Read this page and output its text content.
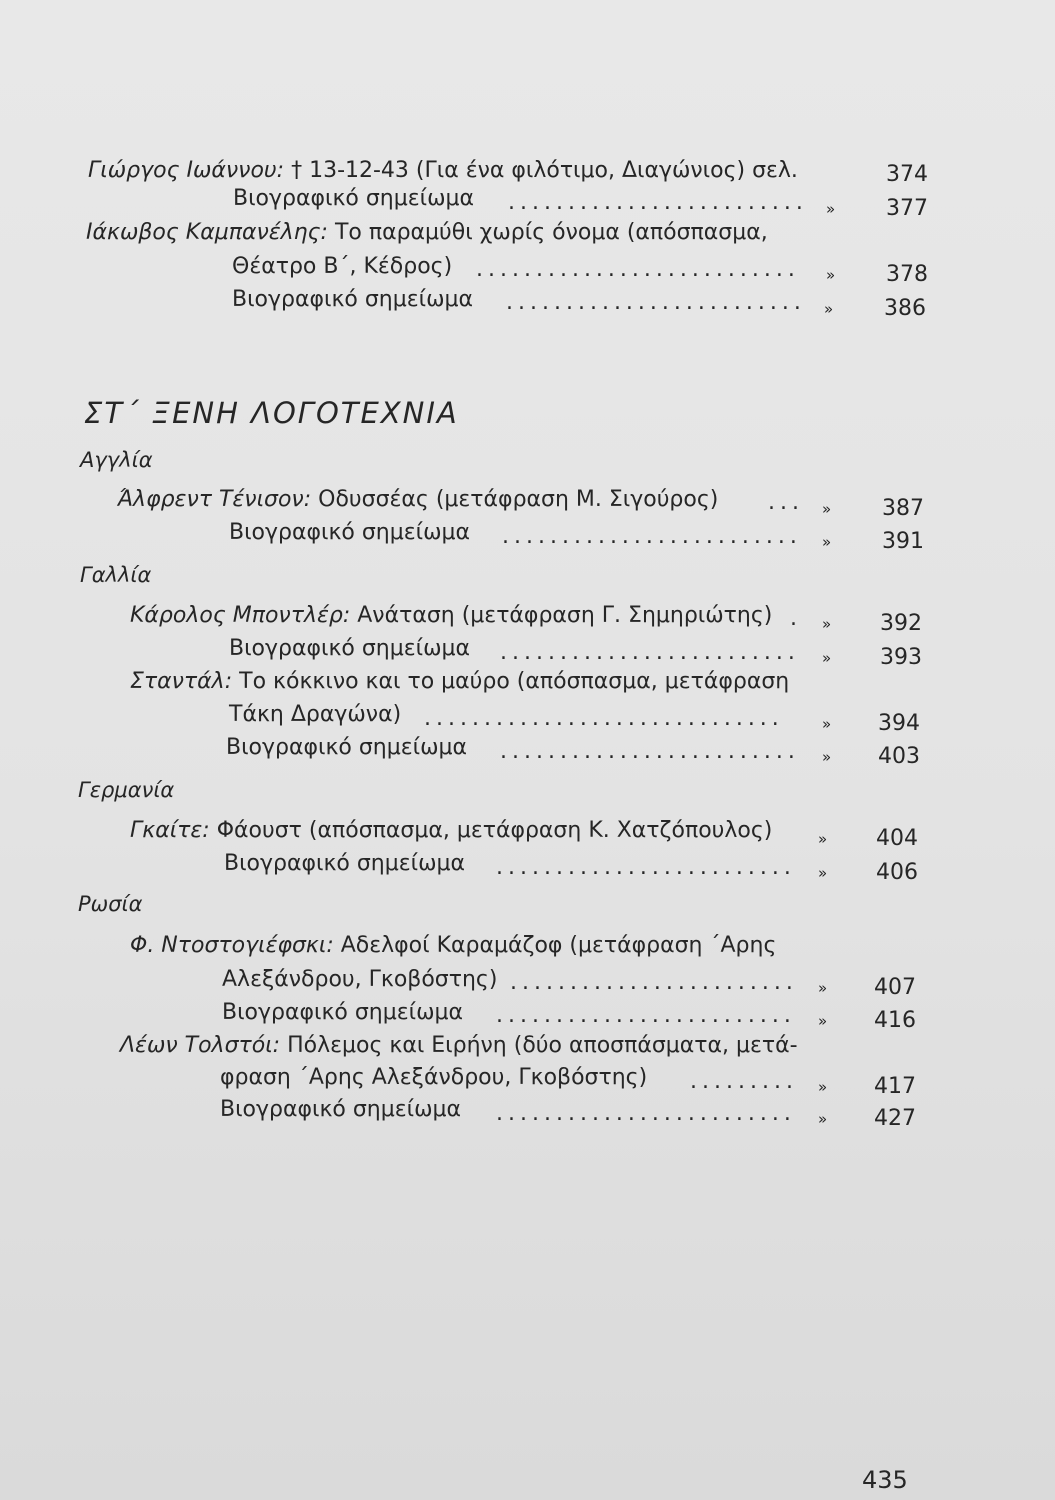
Γιώργος Ιωάννου: † 13-12-43 (Για ένα φιλότιμο, Διαγώνιος) σελ.	374
Βιογραφικό σημείωμα ......................... »	377
Ιάκωβος Καμπανέλης: Το παραμύθι χωρίς όνομα (απόσπασμα,
Θέατρο Β΄, Κέδρος) ........................... »	378
Βιογραφικό σημείωμα ......................... »	386
ΣΤ΄ ΞΕΝΗ ΛΟΓΟΤΕΧΝΙΑ
Αγγλία
Άλφρεντ Τένισον: Οδυσσέας (μετάφραση Μ. Σιγούρος) ... »	387
Βιογραφικό σημείωμα ......................... »	391
Γαλλία
Κάρολος Μποντλέρ: Ανάταση (μετάφραση Γ. Σημηριώτης) . »	392
Βιογραφικό σημείωμα ......................... »	393
Σταντάλ: Το κόκκινο και το μαύρο (απόσπασμα, μετάφραση
Τάκη Δραγώνα) ..............................	»	394
Βιογραφικό σημείωμα ......................... »	403
Γερμανία
Γκαίτε: Φάουστ (απόσπασμα, μετάφραση Κ. Χατζόπουλος)	»	404
Βιογραφικό σημείωμα ......................... »	406
Ρωσία
Φ. Ντοστογιέφσκι: Αδελφοί Καραμάζοφ (μετάφραση ΄Αρης
Αλεξάνδρου, Γκοβόστης) ........................ »	407
Βιογραφικό σημείωμα ......................... »	416
Λέων Τολστόι: Πόλεμος και Ειρήνη (δύο αποσπάσματα, μετά-
φραση ΄Αρης Αλεξάνδρου, Γκοβόστης) ......... »	417
Βιογραφικό σημείωμα ......................... »	427
435
